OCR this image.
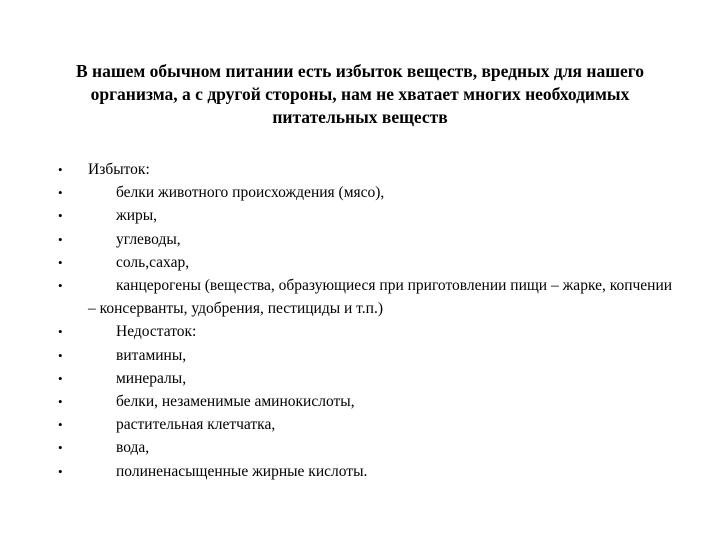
В нашем обычном питании есть избыток веществ, вредных для нашего организма, а с другой стороны, нам не хватает многих необходимых питательных веществ
• Избыток:
•	белки животного происхождения (мясо),
•	жиры,
•	углеводы,
•	соль,сахар,
•	канцерогены (вещества, образующиеся при приготовлении пищи – жарке, копчении – консерванты, удобрения, пестициды и т.п.)
•	Недостаток:
•	витамины,
•	минералы,
•	белки, незаменимые аминокислоты,
•	растительная клетчатка,
•	вода,
•	полиненасыщенные жирные кислоты.
